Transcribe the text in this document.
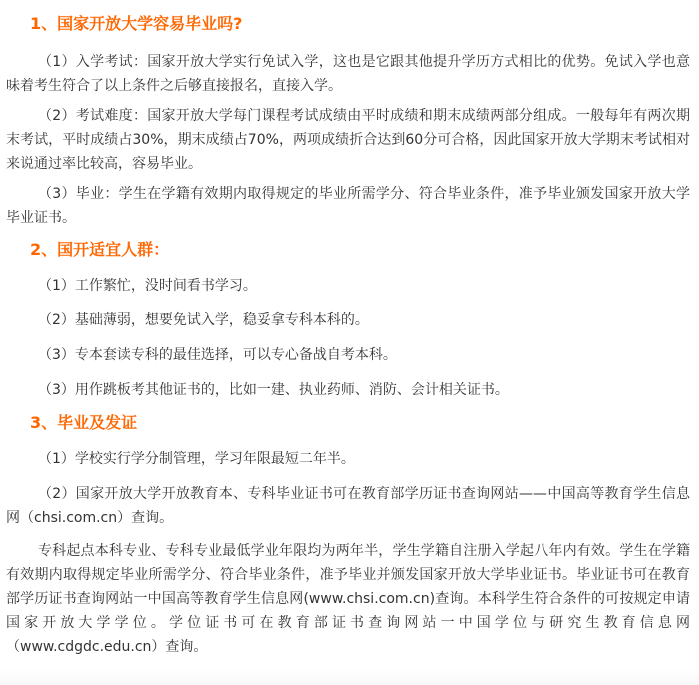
1、国家开放大学容易毕业吗?

（1）入学考试：国家开放大学实行免试入学，这也是它跟其他提升学历方式相比的优势。免试入学也意味着考生符合了以上条件之后够直接报名，直接入学。

（2）考试难度：国家开放大学每门课程考试成绩由平时成绩和期末成绩两部分组成。一般每年有两次期末考试，平时成绩占30%，期末成绩占70%，两项成绩折合达到60分可合格，因此国家开放大学期末考试相对来说通过率比较高，容易毕业。

（3）毕业：学生在学籍有效期内取得规定的毕业所需学分、符合毕业条件，准予毕业颁发国家开放大学毕业证书。

2、国开适宜人群：

（1）工作繁忙，没时间看书学习。

（2）基础薄弱，想要免试入学，稳妥拿专科本科的。

（3）专本套读专科的最佳选择，可以专心备战自考本科。

（3）用作跳板考其他证书的，比如一建、执业药师、消防、会计相关证书。

3、毕业及发证

（1）学校实行学分制管理，学习年限最短二年半。

（2）国家开放大学开放教育本、专科毕业证书可在教育部学历证书查询网站——中国高等教育学生信息网（chsi.com.cn）查询。

专科起点本科专业、专科专业最低学业年限均为两年半，学生学籍自注册入学起八年内有效。学生在学籍有效期内取得规定毕业所需学分、符合毕业条件，准予毕业并颁发国家开放大学毕业证书。毕业证书可在教育部学历证书查询网站一中国高等教育学生信息网(www.chsi.com.cn)查询。本科学生符合条件的可按规定申请国家开放大学学位。学位证书可在教育部证书查询网站一中国学位与研究生教育信息网（www.cdgdc.edu.cn）查询。
